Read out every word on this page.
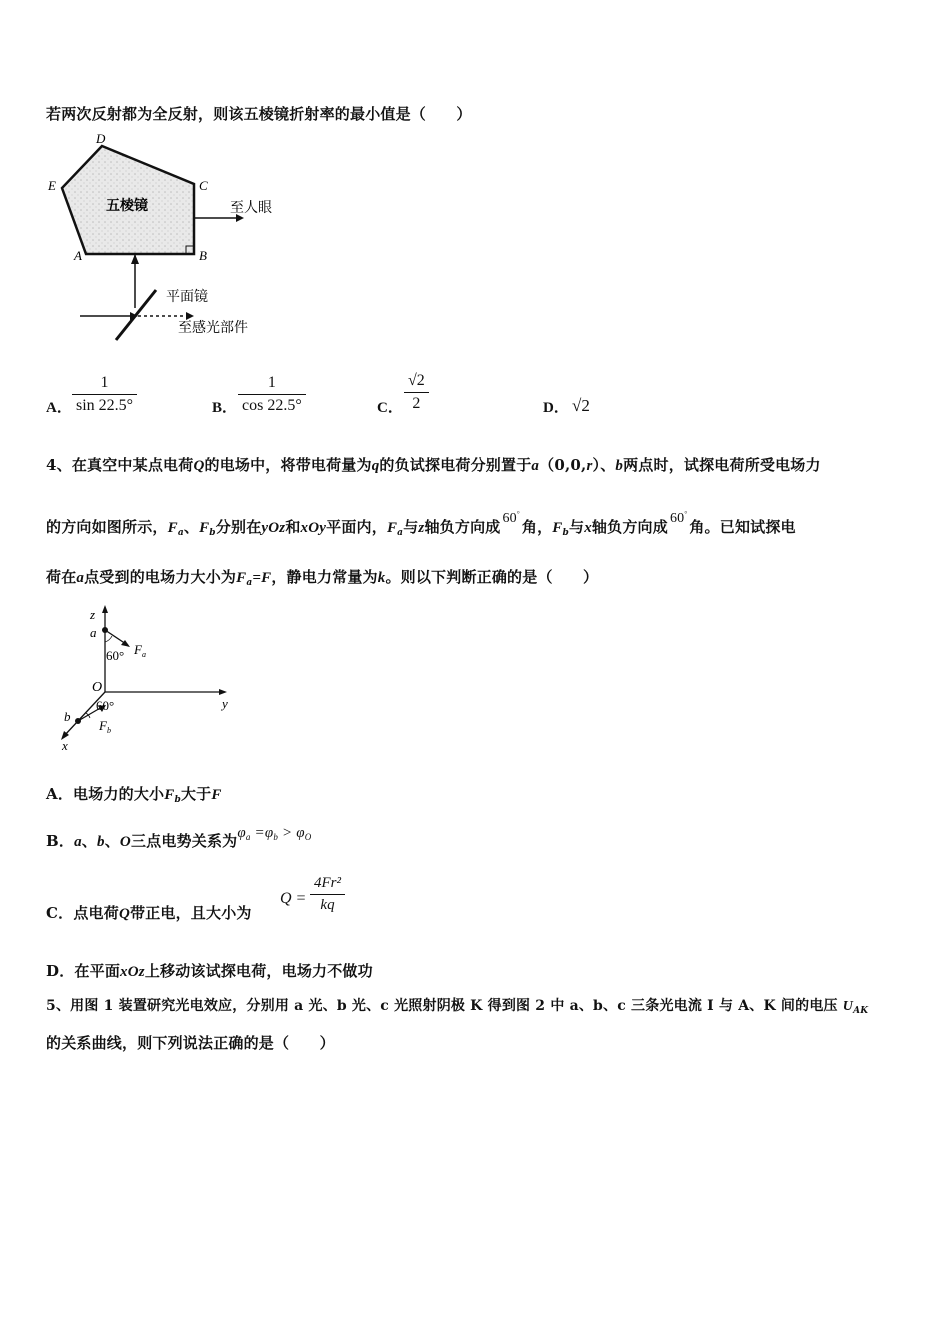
若两次反射都为全反射，则该五棱镜折射率的最小值是（　　）
D
C
E
A	B
五棱镜	至人眼
平面镜
至感光部件
A． $\frac{1}{\sin 22.5^\circ}$	B． $\frac{1}{\cos 22.5^\circ}$	C． $\frac{√2}{2}$	D． √2
4、在真空中某点电荷Q的电场中，将带电荷量为q的负试探电荷分别置于a（0,0,r）、b两点时，试探电荷所受电场力
的方向如图所示，$F_a$、$F_b$分别在yOz和xOy平面内，$F_a$与z轴负方向成 60°角，$F_b$与x轴负方向成 60°角。已知试探电
荷在a点受到的电场力大小为$F_a=F$，静电力常量为k。则以下判断正确的是（　　）
z
y
x
O
a
60° $F_a$
b
60°
$F_b$
A．电场力的大小$F_b$大于F
B．a、b、O三点电势关系为$\varphi_a =\varphi_b > \varphi_O$
C．点电荷Q带正电，且大小为
$Q = \frac{\text{4Fr²}}{kq}$
D．在平面xOz上移动该试探电荷，电场力不做功
5、用图 1 装置研究光电效应，分别用 a 光、b 光、c 光照射阴极 K 得到图 2 中 a、b、c 三条光电流 I 与 A、K 间的电压 $U_{AK}$
的关系曲线，则下列说法正确的是（　　）
